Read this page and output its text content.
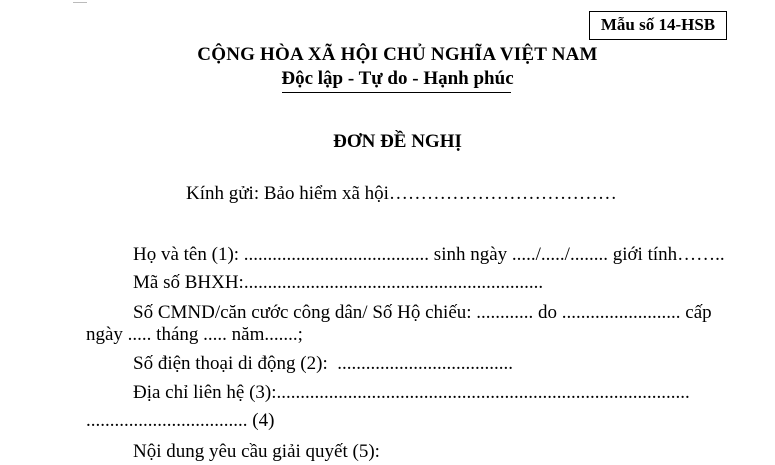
Mẫu số 14-HSB
CỘNG HÒA XÃ HỘI CHỦ NGHĨA VIỆT NAM
Độc lập - Tự do - Hạnh phúc
ĐƠN ĐỀ NGHỊ
Kính gửi: Bảo hiểm xã hội………………………………
Họ và tên (1): ....................................... sinh ngày ...../...../........ giới tính……..
Mã số BHXH:...............................................................
Số CMND/căn cước công dân/ Số Hộ chiếu: ............ do ......................... cấp
ngày ..... tháng ..... năm.......;
Số điện thoại di động (2):  .....................................
Địa chỉ liên hệ (3):.......................................................................................
.................................. (4)
Nội dung yêu cầu giải quyết (5):
